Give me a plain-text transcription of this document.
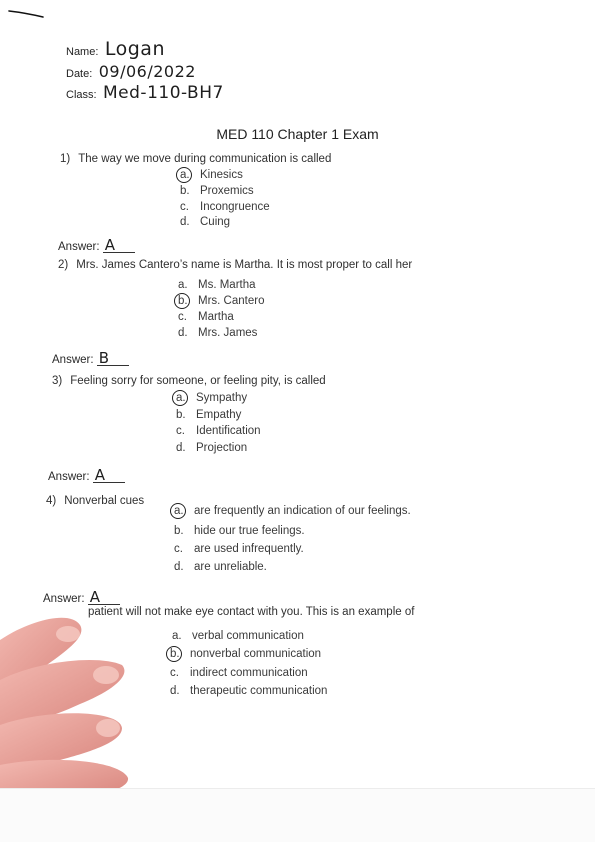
Name: Logan
Date: 09/06/2022
Class: Med-110-BH7
MED 110 Chapter 1 Exam
1) The way we move during communication is called
a. Kinesics
b. Proxemics
c. Incongruence
d. Cuing
Answer: A
2) Mrs. James Cantero’s name is Martha. It is most proper to call her
a. Ms. Martha
b. Mrs. Cantero
c. Martha
d. Mrs. James
Answer: B
3) Feeling sorry for someone, or feeling pity, is called
a. Sympathy
b. Empathy
c. Identification
d. Projection
Answer: A
4) Nonverbal cues
a. are frequently an indication of our feelings.
b. hide our true feelings.
c. are used infrequently.
d. are unreliable.
Answer: A
patient will not make eye contact with you. This is an example of
a. verbal communication
b. nonverbal communication
c. indirect communication
d. therapeutic communication
